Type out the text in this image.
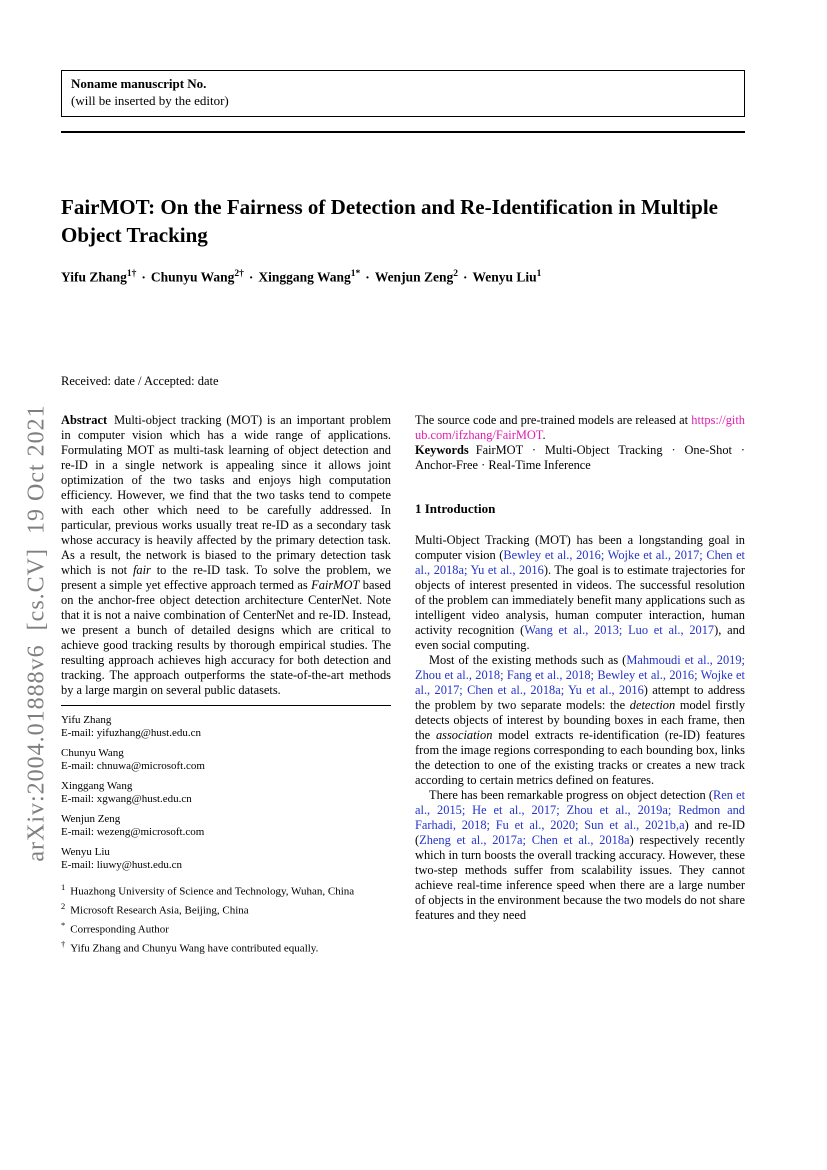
arXiv:2004.01888v6  [cs.CV]  19 Oct 2021
Noname manuscript No.
(will be inserted by the editor)
FairMOT: On the Fairness of Detection and Re-Identification in Multiple Object Tracking
Yifu Zhang$^{1\dagger}$ · Chunyu Wang$^{2\dagger}$ · Xinggang Wang$^{1*}$ · Wenjun Zeng$^2$ · Wenyu Liu$^1$
Received: date / Accepted: date

Abstract Multi-object tracking (MOT) is an important problem in computer vision which has a wide range of applications. Formulating MOT as multi-task learning of object detection and re-ID in a single network is appealing since it allows joint optimization of the two tasks and enjoys high computation efficiency. However, we find that the two tasks tend to compete with each other which need to be carefully addressed. In particular, previous works usually treat re-ID as a secondary task whose accuracy is heavily affected by the primary detection task. As a result, the network is biased to the primary detection task which is not fair to the re-ID task. To solve the problem, we present a simple yet effective approach termed as FairMOT based on the anchor-free object detection architecture CenterNet. Note that it is not a naive combination of CenterNet and re-ID. Instead, we present a bunch of detailed designs which are critical to achieve good tracking results by thorough empirical studies. The resulting approach achieves high accuracy for both detection and tracking. The approach outperforms the state-of-the-art methods by a large margin on several public datasets.

Yifu Zhang
E-mail: yifuzhang@hust.edu.cn
Chunyu Wang
E-mail: chnuwa@microsoft.com
Xinggang Wang
E-mail: xgwang@hust.edu.cn
Wenjun Zeng
E-mail: wezeng@microsoft.com
Wenyu Liu
E-mail: liuwy@hust.edu.cn
$^1$ Huazhong University of Science and Technology, Wuhan, China
$^2$ Microsoft Research Asia, Beijing, China
* Corresponding Author
† Yifu Zhang and Chunyu Wang have contributed equally.

The source code and pre-trained models are released at https://github.com/ifzhang/FairMOT.

Keywords FairMOT · Multi-Object Tracking · One-Shot · Anchor-Free · Real-Time Inference

1 Introduction

Multi-Object Tracking (MOT) has been a longstanding goal in computer vision (Bewley et al., 2016; Wojke et al., 2017; Chen et al., 2018a; Yu et al., 2016). The goal is to estimate trajectories for objects of interest presented in videos. The successful resolution of the problem can immediately benefit many applications such as intelligent video analysis, human computer interaction, human activity recognition (Wang et al., 2013; Luo et al., 2017), and even social computing.

Most of the existing methods such as (Mahmoudi et al., 2019; Zhou et al., 2018; Fang et al., 2018; Bewley et al., 2016; Wojke et al., 2017; Chen et al., 2018a; Yu et al., 2016) attempt to address the problem by two separate models: the detection model firstly detects objects of interest by bounding boxes in each frame, then the association model extracts re-identification (re-ID) features from the image regions corresponding to each bounding box, links the detection to one of the existing tracks or creates a new track according to certain metrics defined on features.

There has been remarkable progress on object detection (Ren et al., 2015; He et al., 2017; Zhou et al., 2019a; Redmon and Farhadi, 2018; Fu et al., 2020; Sun et al., 2021b,a) and re-ID (Zheng et al., 2017a; Chen et al., 2018a) respectively recently which in turn boosts the overall tracking accuracy. However, these two-step methods suffer from scalability issues. They cannot achieve real-time inference speed when there are a large number of objects in the environment because the two models do not share features and they need
